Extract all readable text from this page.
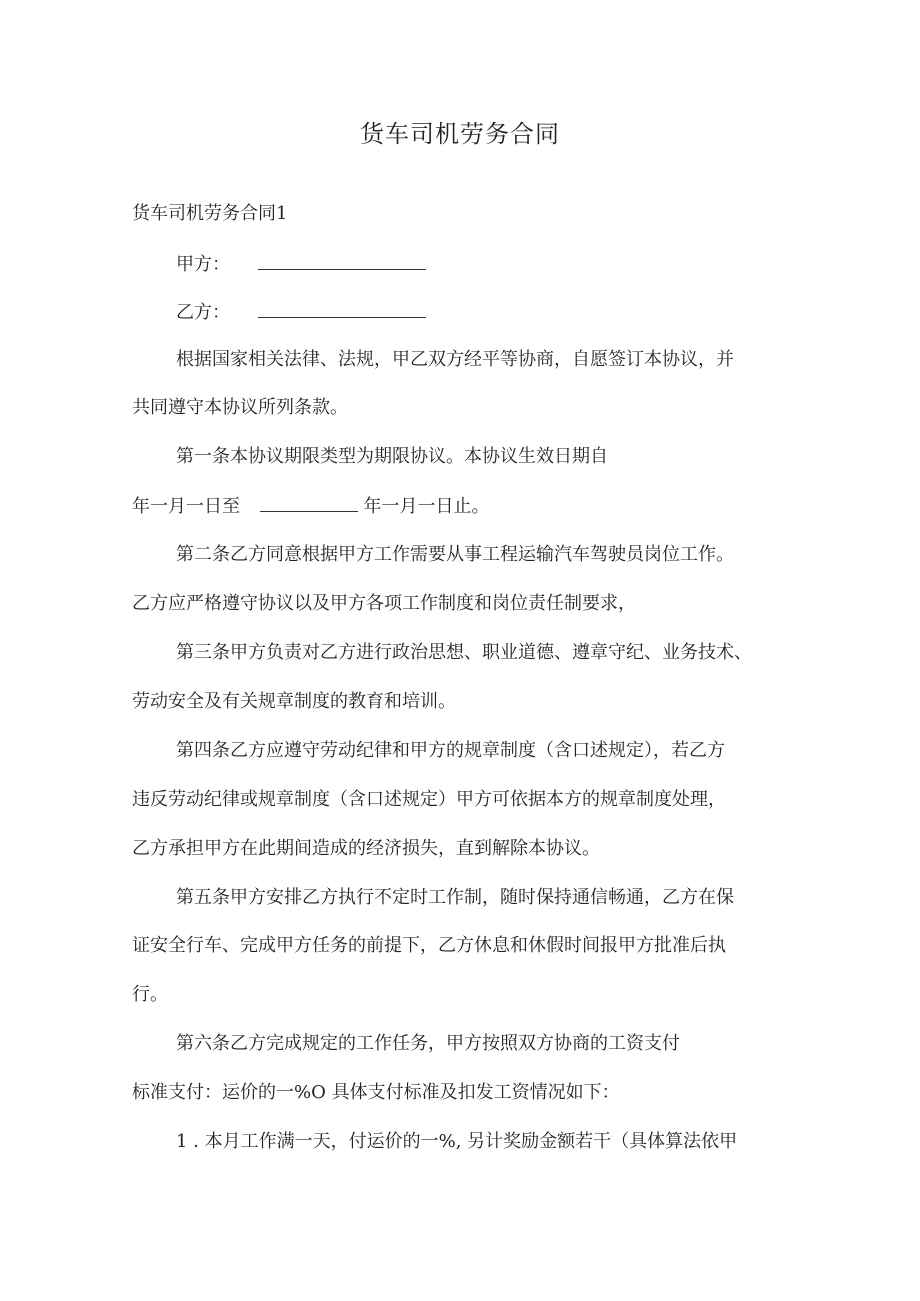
货车司机劳务合同
货车司机劳务合同1
甲方：
乙方：
根据国家相关法律、法规，甲乙双方经平等协商，自愿签订本协议，并
共同遵守本协议所列条款。
第一条本协议期限类型为期限协议。本协议生效日期自
年一月一日至	年一月一日止。
第二条乙方同意根据甲方工作需要从事工程运输汽车驾驶员岗位工作。
乙方应严格遵守协议以及甲方各项工作制度和岗位责任制要求，
第三条甲方负责对乙方进行政治思想、职业道德、遵章守纪、业务技术、
劳动安全及有关规章制度的教育和培训。
第四条乙方应遵守劳动纪律和甲方的规章制度（含口述规定），若乙方
违反劳动纪律或规章制度（含口述规定）甲方可依据本方的规章制度处理，
乙方承担甲方在此期间造成的经济损失，直到解除本协议。
第五条甲方安排乙方执行不定时工作制，随时保持通信畅通，乙方在保
证安全行车、完成甲方任务的前提下，乙方休息和休假时间报甲方批准后执
行。
第六条乙方完成规定的工作任务，甲方按照双方协商的工资支付
标准支付：运价的一%O 具体支付标准及扣发工资情况如下：
1 . 本月工作满一天，付运价的一%, 另计奖励金额若干（具体算法依甲
